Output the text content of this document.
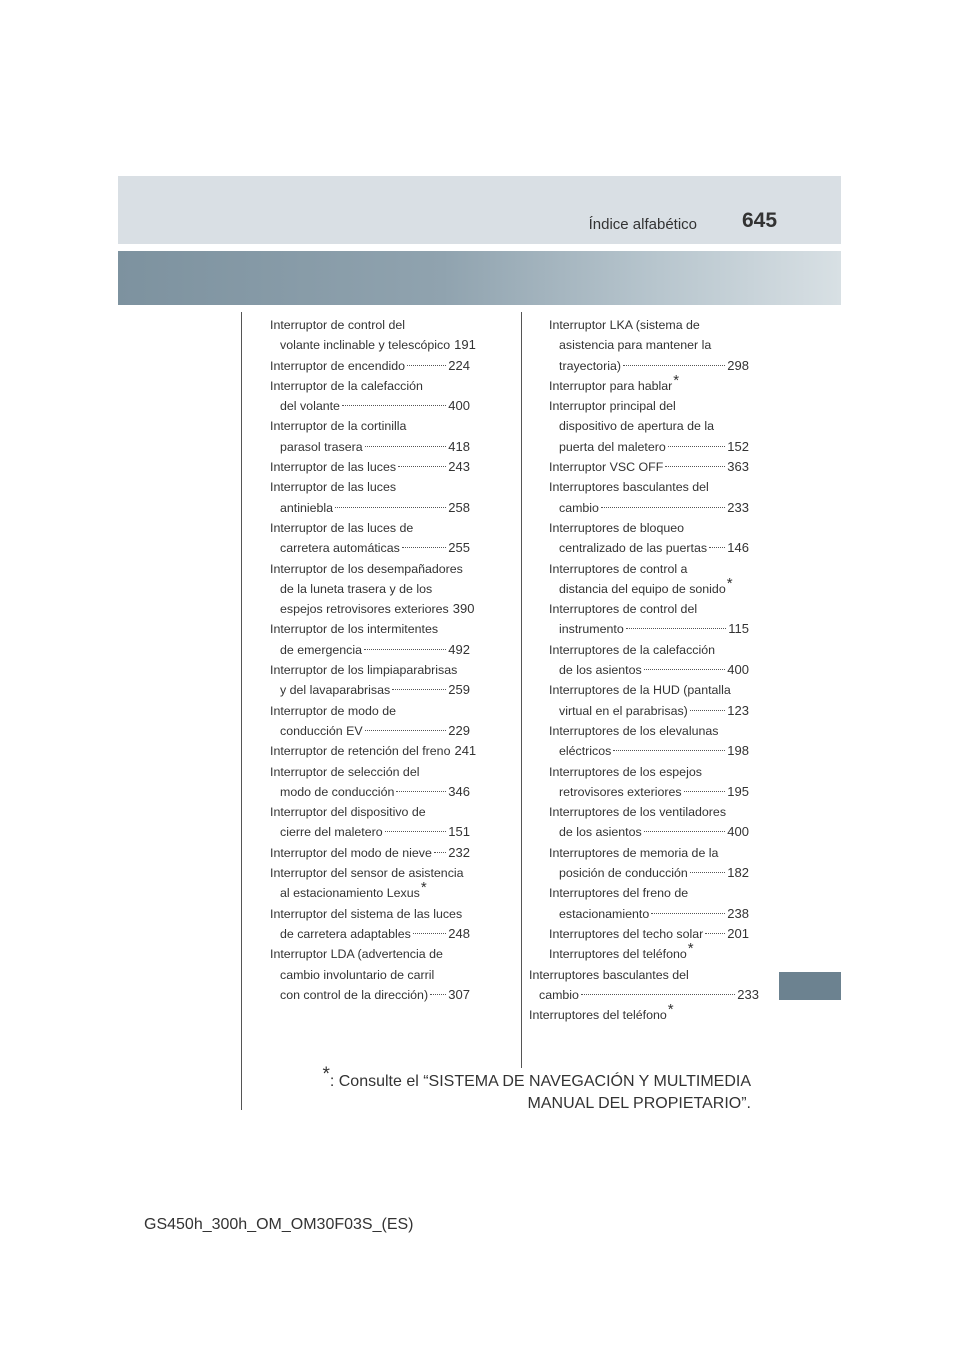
Índice alfabético 645
Interruptor de control del
volante inclinable y telescópico 191
Interruptor de encendido	224
Interruptor de la calefacción
del volante	400
Interruptor de la cortinilla
parasol trasera	418
Interruptor de las luces	243
Interruptor de las luces
antiniebla	258
Interruptor de las luces de
carretera automáticas	255
Interruptor de los desempañadores
de la luneta trasera y de los
espejos retrovisores exteriores 390
Interruptor de los intermitentes
de emergencia	492
Interruptor de los limpiaparabrisas
y del lavaparabrisas	259
Interruptor de modo de
conducción EV	229
Interruptor de retención del freno 241
Interruptor de selección del
modo de conducción	346
Interruptor del dispositivo de
cierre del maletero	151
Interruptor del modo de nieve 232
Interruptor del sensor de asistencia
al estacionamiento Lexus*
Interruptor del sistema de las luces
de carretera adaptables	248
Interruptor LDA (advertencia de
cambio involuntario de carril
con control de la dirección) 307
Interruptor LKA (sistema de
asistencia para mantener la
trayectoria)	298
Interruptor para hablar*
Interruptor principal del
dispositivo de apertura de la
puerta del maletero	152
Interruptor VSC OFF	363
Interruptores basculantes del
cambio	233
Interruptores de bloqueo
centralizado de las puertas 146
Interruptores de control a
distancia del equipo de sonido*
Interruptores de control del
instrumento	115
Interruptores de la calefacción
de los asientos	400
Interruptores de la HUD (pantalla
virtual en el parabrisas)	123
Interruptores de los elevalunas
eléctricos	198
Interruptores de los espejos
retrovisores exteriores	195
Interruptores de los ventiladores
de los asientos	400
Interruptores de memoria de la
posición de conducción	182
Interruptores del freno de
estacionamiento	238
Interruptores del techo solar 201
Interruptores del teléfono*
Interruptores basculantes del
cambio	233
Interruptores del teléfono*
*: Consulte el “SISTEMA DE NAVEGACIÓN Y MULTIMEDIA
MANUAL DEL PROPIETARIO”.
GS450h_300h_OM_OM30F03S_(ES)
